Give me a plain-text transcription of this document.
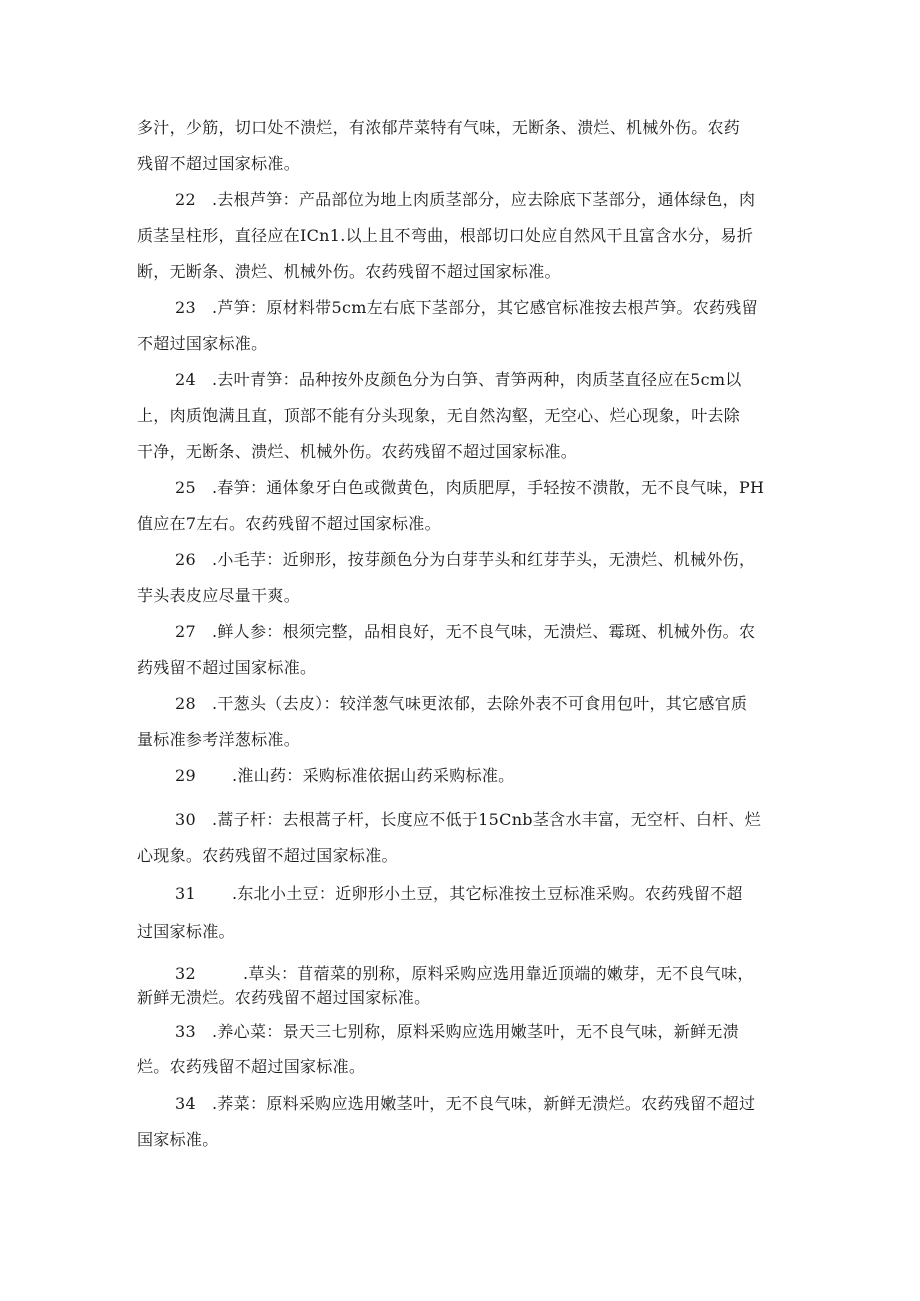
多汁，少筋，切口处不溃烂，有浓郁芹菜特有气味，无断条、溃烂、机械外伤。农药
残留不超过国家标准。
22 .去根芦笋：产品部位为地上肉质茎部分，应去除底下茎部分，通体绿色，肉
质茎呈柱形，直径应在ICn1.以上且不弯曲，根部切口处应自然风干且富含水分，易折
断，无断条、溃烂、机械外伤。农药残留不超过国家标准。
23 .芦笋：原材料带5cm左右底下茎部分，其它感官标准按去根芦笋。农药残留
不超过国家标准。
24 .去叶青笋：品种按外皮颜色分为白笋、青笋两种，肉质茎直径应在5cm以
上，肉质饱满且直，顶部不能有分头现象，无自然沟壑，无空心、烂心现象，叶去除
干净，无断条、溃烂、机械外伤。农药残留不超过国家标准。
25 .春笋：通体象牙白色或微黄色，肉质肥厚，手轻按不溃散，无不良气味，PH
值应在7左右。农药残留不超过国家标准。
26 .小毛芋：近卵形，按芽颜色分为白芽芋头和红芽芋头，无溃烂、机械外伤，
芋头表皮应尽量干爽。
27 .鲜人参：根须完整，品相良好，无不良气味，无溃烂、霉斑、机械外伤。农
药残留不超过国家标准。
28 .干葱头（去皮）：较洋葱气味更浓郁，去除外表不可食用包叶，其它感官质
量标准参考洋葱标准。
29 .淮山药：采购标准依据山药采购标准。
30 .蒿子杆：去根蒿子杆，长度应不低于15Cnb茎含水丰富，无空杆、白杆、烂
心现象。农药残留不超过国家标准。
31 .东北小土豆：近卵形小土豆，其它标准按土豆标准采购。农药残留不超
过国家标准。
32	.草头：苜蓿菜的别称，原料采购应选用靠近顶端的嫩芽，无不良气味，
新鲜无溃烂。农药残留不超过国家标准。
33 .养心菜：景天三七别称，原料采购应选用嫩茎叶，无不良气味，新鲜无溃
烂。农药残留不超过国家标准。
34 .荞菜：原料采购应选用嫩茎叶，无不良气味，新鲜无溃烂。农药残留不超过
国家标准。
